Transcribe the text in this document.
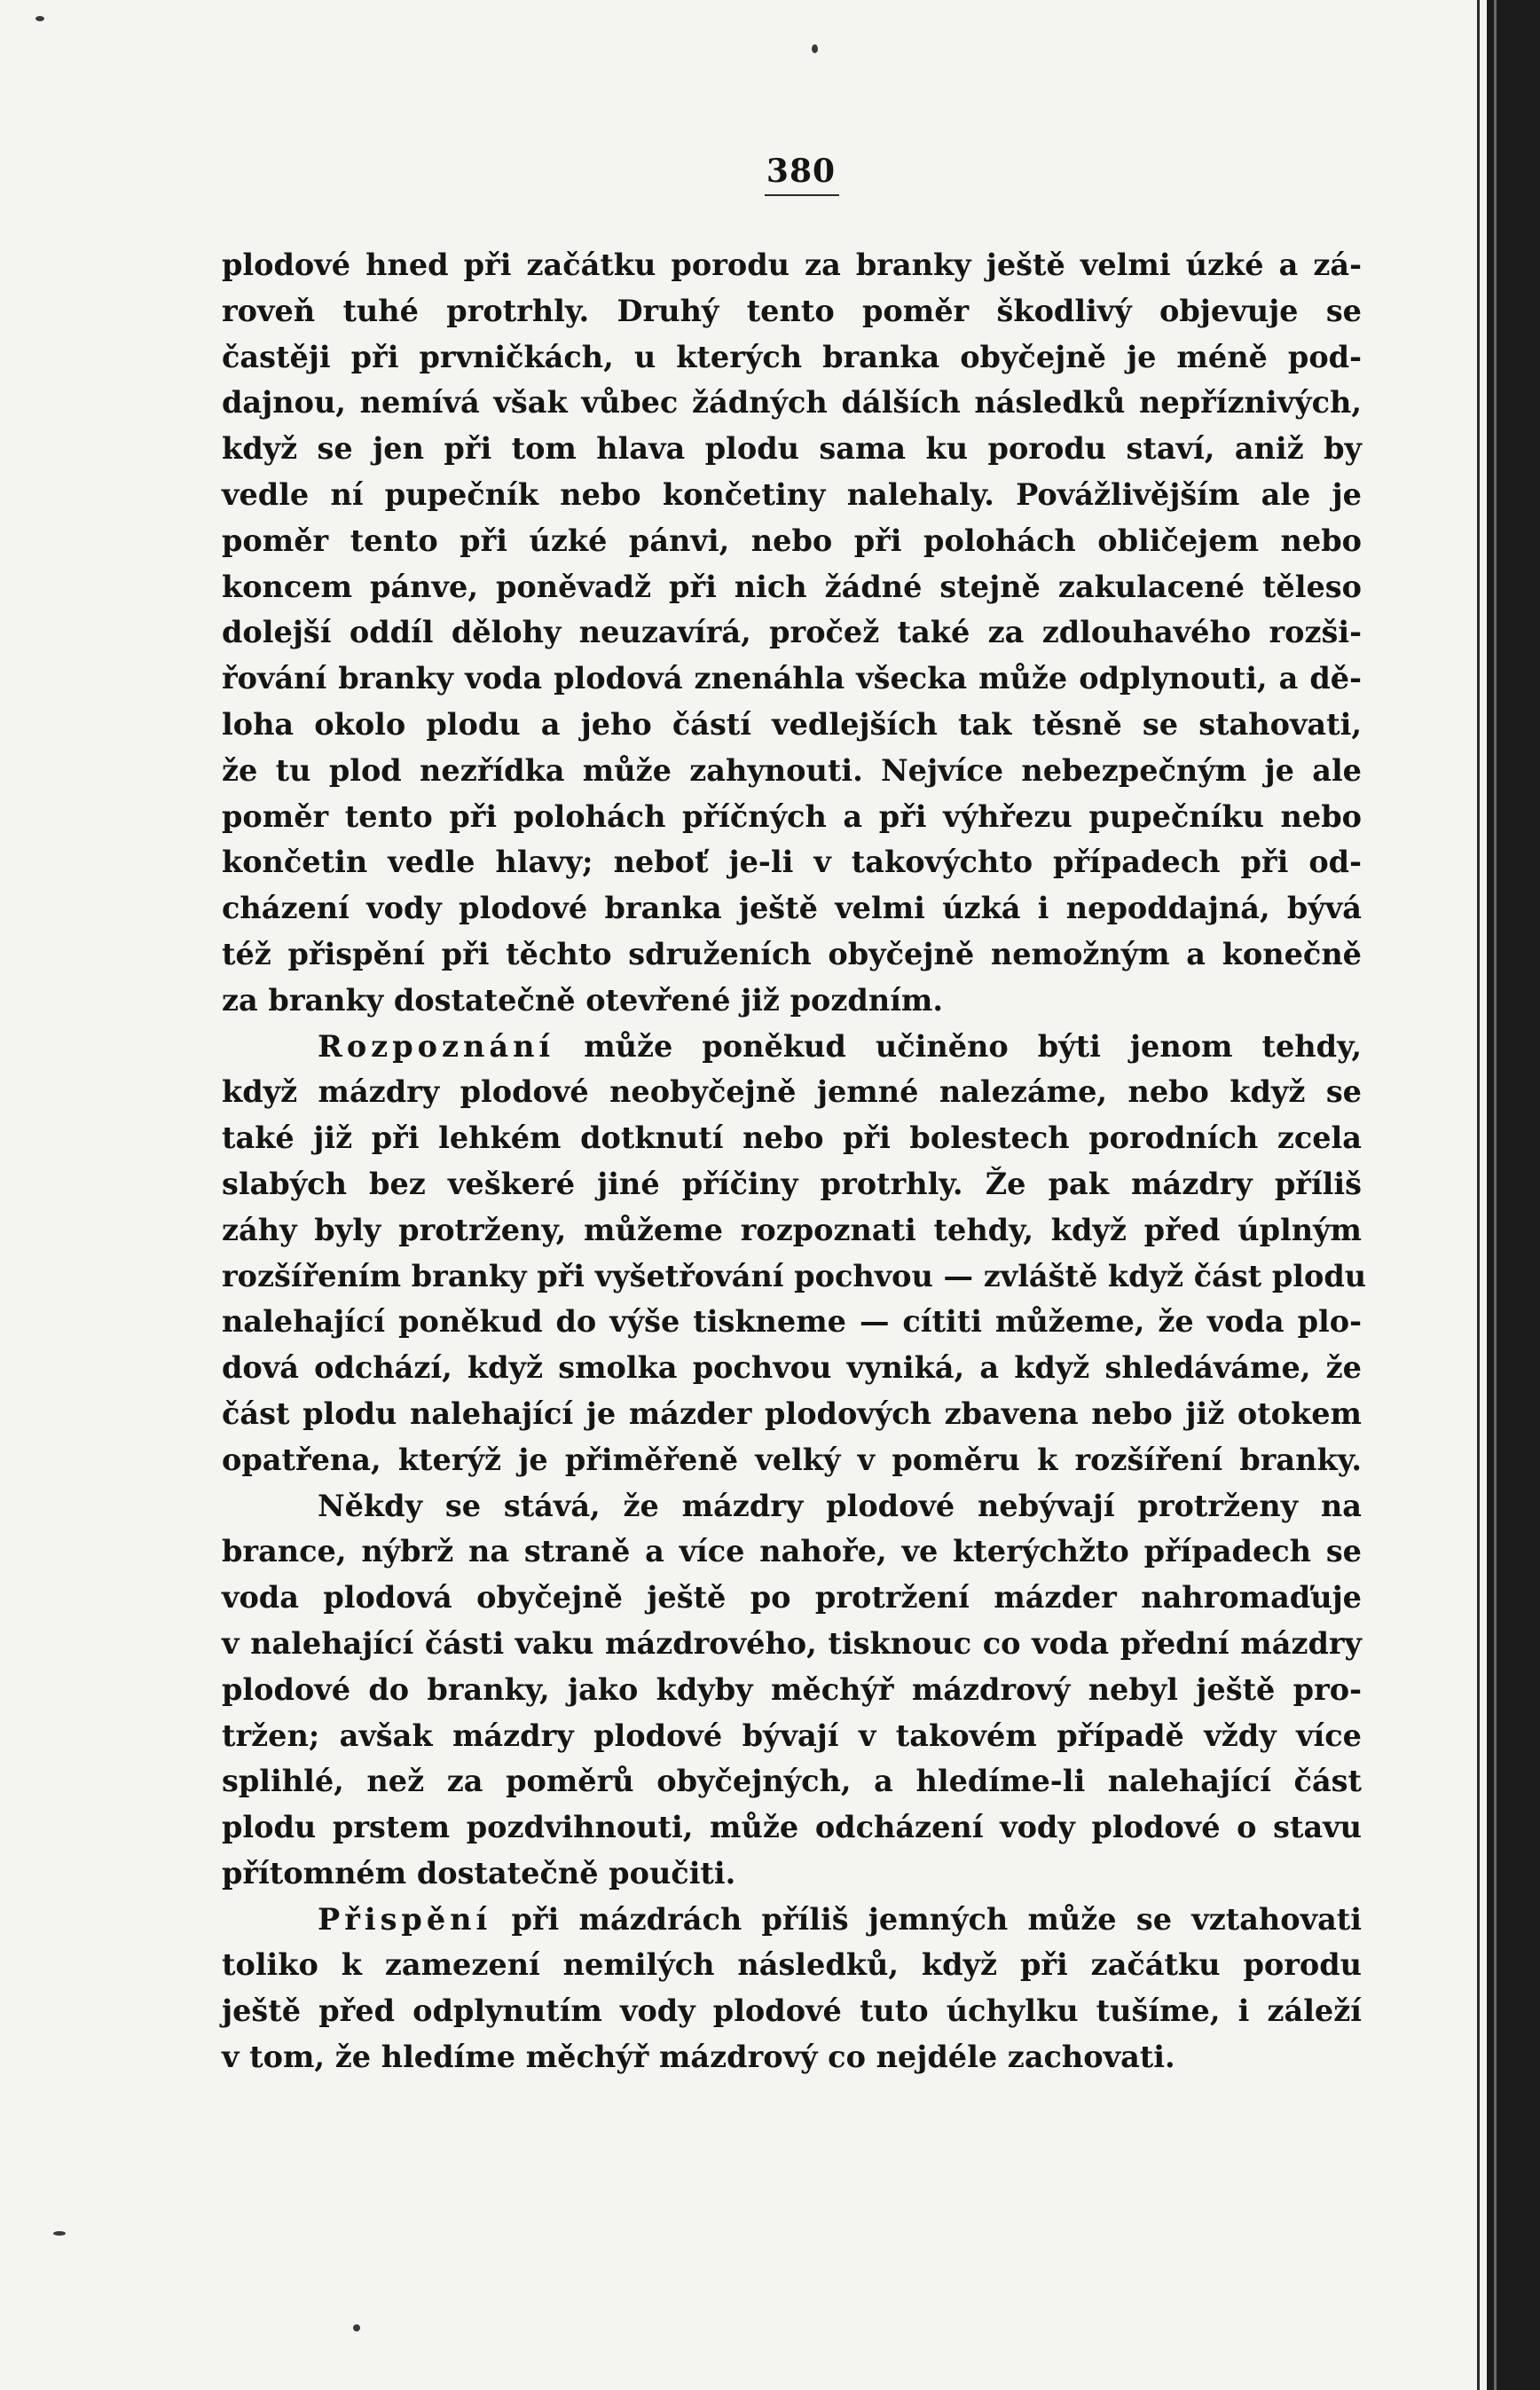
380
plodové hned při začátku porodu za branky ještě velmi úzké a zá-
roveň tuhé protrhly. Druhý tento poměr škodlivý objevuje se
častěji při prvničkách, u kterých branka obyčejně je méně pod-
dajnou, nemívá však vůbec žádných dálších následků nepříznivých,
když se jen při tom hlava plodu sama ku porodu staví, aniž by
vedle ní pupečník nebo končetiny nalehaly. Povážlivějším ale je
poměr tento při úzké pánvi, nebo při polohách obličejem nebo
koncem pánve, poněvadž při nich žádné stejně zakulacené těleso
dolejší oddíl dělohy neuzavírá, pročež také za zdlouhavého rozši-
řování branky voda plodová znenáhla všecka může odplynouti, a dě-
loha okolo plodu a jeho částí vedlejších tak těsně se stahovati,
že tu plod nezřídka může zahynouti. Nejvíce nebezpečným je ale
poměr tento při polohách příčných a při výhřezu pupečníku nebo
končetin vedle hlavy; neboť je-li v takovýchto případech při od-
cházení vody plodové branka ještě velmi úzká i nepoddajná, bývá
též přispění při těchto sdruženích obyčejně nemožným a konečně
za branky dostatečně otevřené již pozdním.
Rozpoznání může poněkud učiněno býti jenom tehdy,
když mázdry plodové neobyčejně jemné nalezáme, nebo když se
také již při lehkém dotknutí nebo při bolestech porodních zcela
slabých bez veškeré jiné příčiny protrhly. Že pak mázdry příliš
záhy byly protrženy, můžeme rozpoznati tehdy, když před úplným
rozšířením branky při vyšetřování pochvou — zvláště když část plodu
nalehající poněkud do výše tiskneme — cítiti můžeme, že voda plo-
dová odchází, když smolka pochvou vyniká, a když shledáváme, že
část plodu nalehající je mázder plodových zbavena nebo již otokem
opatřena, kterýž je přiměřeně velký v poměru k rozšíření branky.
Někdy se stává, že mázdry plodové nebývají protrženy na
brance, nýbrž na straně a více nahoře, ve kterýchžto případech se
voda plodová obyčejně ještě po protržení mázder nahromaďuje
v nalehající části vaku mázdrového, tisknouc co voda přední mázdry
plodové do branky, jako kdyby měchýř mázdrový nebyl ještě pro-
tržen; avšak mázdry plodové bývají v takovém případě vždy více
splihlé, než za poměrů obyčejných, a hledíme-li nalehající část
plodu prstem pozdvihnouti, může odcházení vody plodové o stavu
přítomném dostatečně poučiti.
Přispění při mázdrách příliš jemných může se vztahovati
toliko k zamezení nemilých následků, když při začátku porodu
ještě před odplynutím vody plodové tuto úchylku tušíme, i záleží
v tom, že hledíme měchýř mázdrový co nejdéle zachovati.
